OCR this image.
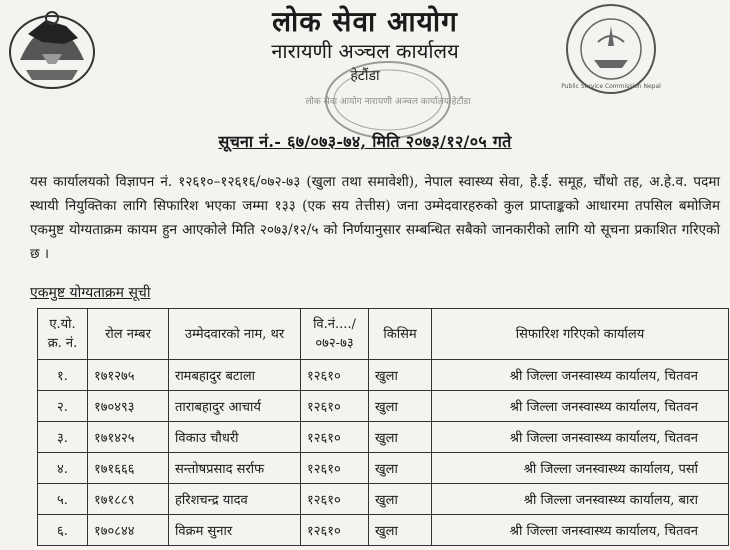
Public Service Commission Nepal
लोक सेवा आयोग
नारायणी अञ्चल कार्यालय
हेटौंडा
लोक सेवा आयोग नारायणी अञ्चल कार्यालय हेटौंडा
सूचना नं.- ६७/०७३-७४, मिति २०७३/१२/०५ गते
यस कार्यालयको विज्ञापन नं. १२६१०–१२६१६/०७२-७३ (खुला तथा समावेशी), नेपाल स्वास्थ्य सेवा, हे.ई. समूह, चौंथो तह, अ.हे.व. पदमा स्थायी नियुक्तिका लागि सिफारिश भएका जम्मा १३३ (एक सय तेत्तीस) जना उम्मेदवारहरुको कुल प्राप्ताङ्कको आधारमा तपसिल बमोजिम एकमुष्ट योग्यताक्रम कायम हुन आएकोले मिति २०७३/१२/५ को निर्णयानुसार सम्बन्धित सबैको जानकारीको लागि यो सूचना प्रकाशित गरिएको छ ।
एकमुष्ट योग्यताक्रम सूची
ए.यो. क्र. नं.	रोल नम्बर	उम्मेदवारको नाम, थर	वि.नं..../ ०७२-७३	किसिम	सिफारिश गरिएको कार्यालय
१.	१७१२७५	रामबहादुर बटाला	१२६१०	खुला	श्री जिल्ला जनस्वास्थ्य कार्यालय, चितवन
२.	१७०४९३	ताराबहादुर आचार्य	१२६१०	खुला	श्री जिल्ला जनस्वास्थ्य कार्यालय, चितवन
३.	१७१४२५	विकाउ चौधरी	१२६१०	खुला	श्री जिल्ला जनस्वास्थ्य कार्यालय, चितवन
४.	१७१६६६	सन्तोषप्रसाद सर्राफ	१२६१०	खुला	श्री जिल्ला जनस्वास्थ्य कार्यालय, पर्सा
५.	१७१८८९	हरिशचन्द्र यादव	१२६१०	खुला	श्री जिल्ला जनस्वास्थ्य कार्यालय, बारा
६.	१७०८४४	विक्रम सुनार	१२६१०	खुला	श्री जिल्ला जनस्वास्थ्य कार्यालय, चितवन
